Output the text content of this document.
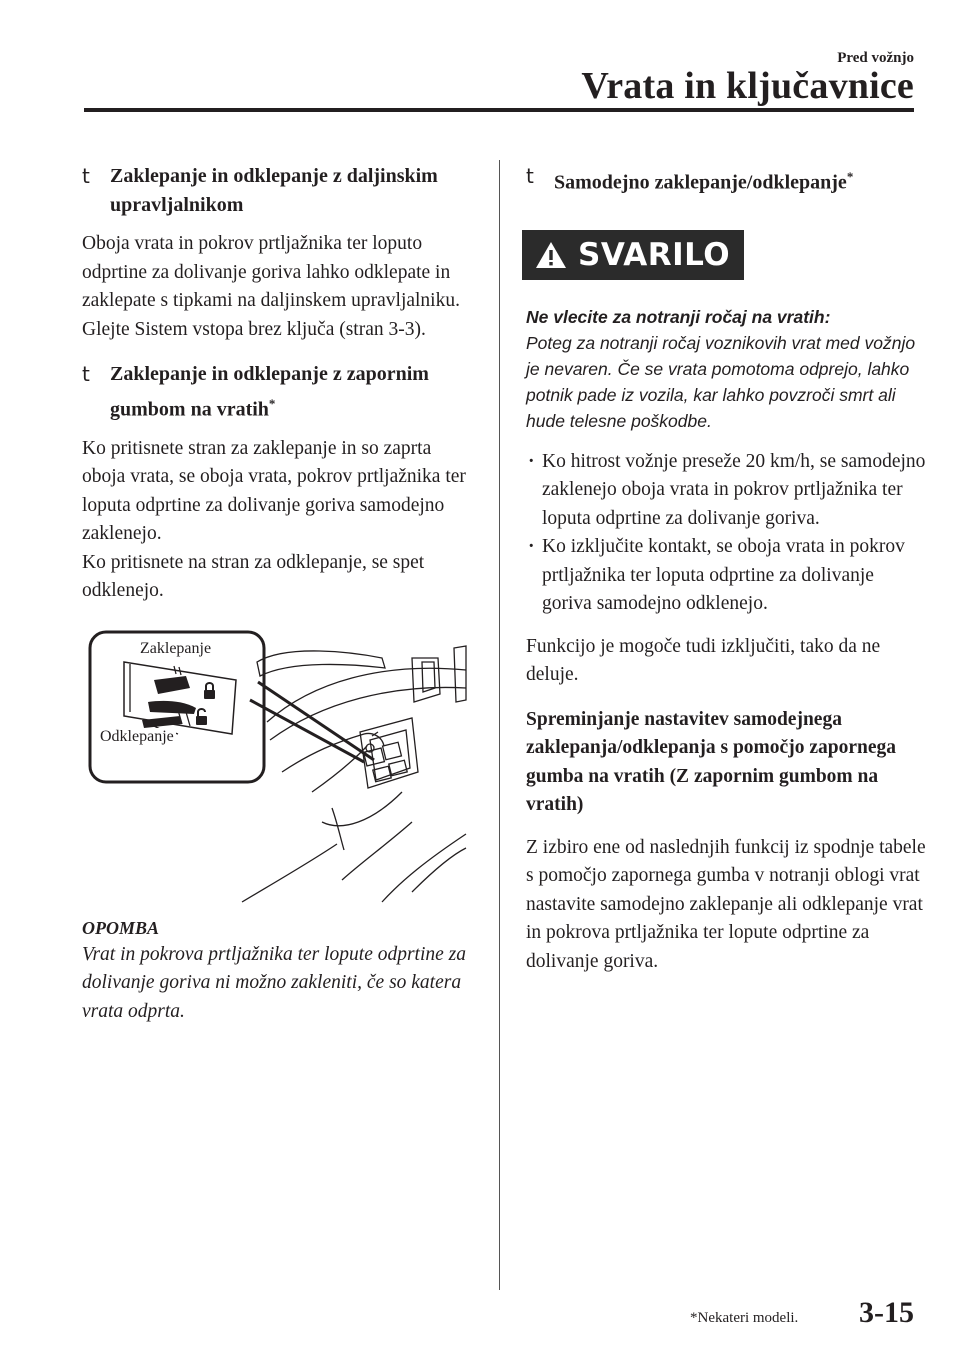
Pred vožnjo
Vrata in ključavnice
t Zaklepanje in odklepanje z daljinskim upravljalnikom

Oboja vrata in pokrov prtljažnika ter loputo odprtine za dolivanje goriva lahko odklepate in zaklepate s tipkami na daljinskem upravljalniku. Glejte Sistem vstopa brez ključa (stran 3-3).

t Zaklepanje in odklepanje z zapornim gumbom na vratih*

Ko pritisnete stran za zaklepanje in so zaprta oboja vrata, se oboja vrata, pokrov prtljažnika ter loputa odprtine za dolivanje goriva samodejno zaklenejo.

Ko pritisnete na stran za odklepanje, se spet odklenejo.

Zaklepanje
Odklepanje
OPOMBA
Vrat in pokrova prtljažnika ter lopute odprtine za dolivanje goriva ni možno zakleniti, če so katera vrata odprta.
t Samodejno zaklepanje/odklepanje*
SVARILO
Ne vlecite za notranji ročaj na vratih:
Poteg za notranji ročaj voznikovih vrat med vožnjo je nevaren. Če se vrata pomotoma odprejo, lahko potnik pade iz vozila, kar lahko povzroči smrt ali hude telesne poškodbe.
· Ko hitrost vožnje preseže 20 km/h, se samodejno zaklenejo oboja vrata in pokrov prtljažnika ter loputa odprtine za dolivanje goriva.
· Ko izključite kontakt, se oboja vrata in pokrov prtljažnika ter loputa odprtine za dolivanje goriva samodejno odklenejo.

Funkcijo je mogoče tudi izključiti, tako da ne deluje.

Spreminjanje nastavitev samodejnega zaklepanja/odklepanja s pomočjo zapornega gumba na vratih (Z zapornim gumbom na vratih)

Z izbiro ene od naslednjih funkcij iz spodnje tabele s pomočjo zapornega gumba v notranji oblogi vrat nastavite samodejno zaklepanje ali odklepanje vrat in pokrova prtljažnika ter lopute odprtine za dolivanje goriva.

*Nekateri modeli. 3-15
